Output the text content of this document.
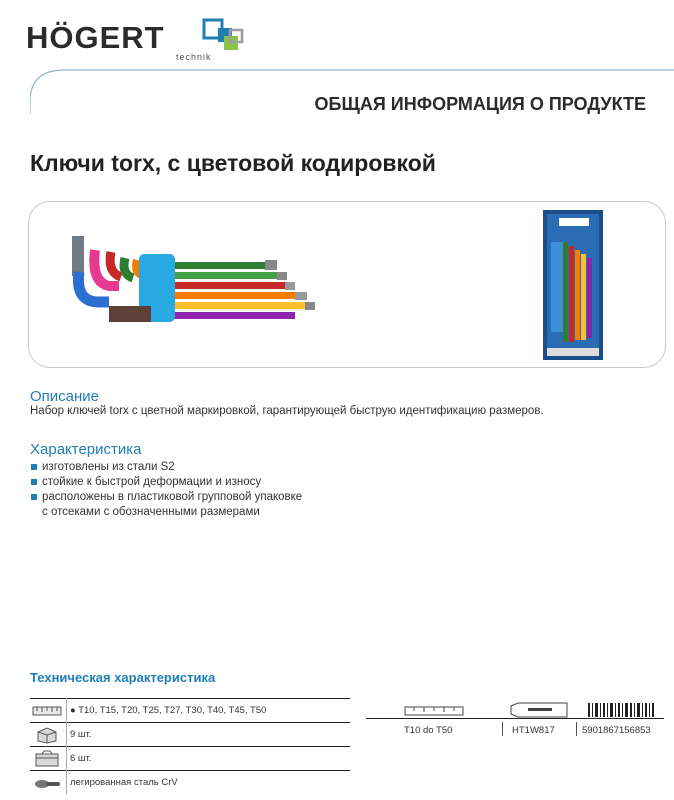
HÖGERT
technik
ОБЩАЯ ИНФОРМАЦИЯ О ПРОДУКТЕ
Ключи torx, с цветовой кодировкой
Описание
Набор ключей torx с цветной маркировкой, гарантирующей быструю идентификацию размеров.
Характеристика
изготовлены из стали S2
стойкие к быстрой деформации и износу
расположены в пластиковой групповой упаковке
с отсеками с обозначенными размерами
Техническая характеристика
● T10, T15, T20, T25, T27, T30, T40, T45, T50
9 шт.
6 шт.
легированная сталь CrV
T10 do T50	HT1W817	5901867156853
